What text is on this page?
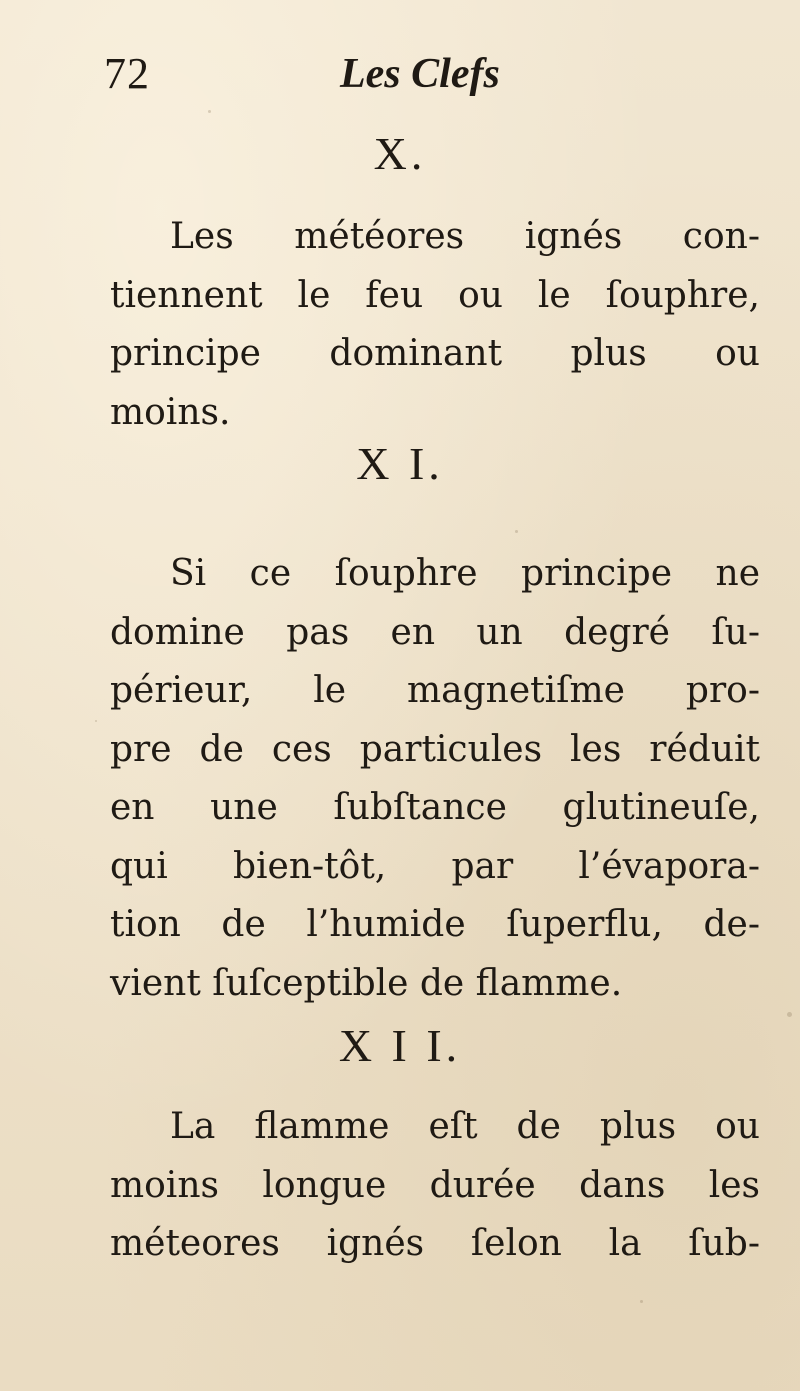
72	Les Clefs
X.
Les météores ignés con-
tiennent le feu ou le ſouphre,
principe dominant plus ou
moins.
X I.
Si ce ſouphre principe ne
domine pas en un degré ſu-
périeur, le magnetiſme pro-
pre de ces particules les réduit
en une ſubſtance glutineuſe,
qui bien-tôt, par l’évapora-
tion de l’humide ſuperflu, de-
vient ſuſceptible de flamme.
X I I.
La flamme eſt de plus ou
moins longue durée dans les
méteores ignés ſelon la ſub-
